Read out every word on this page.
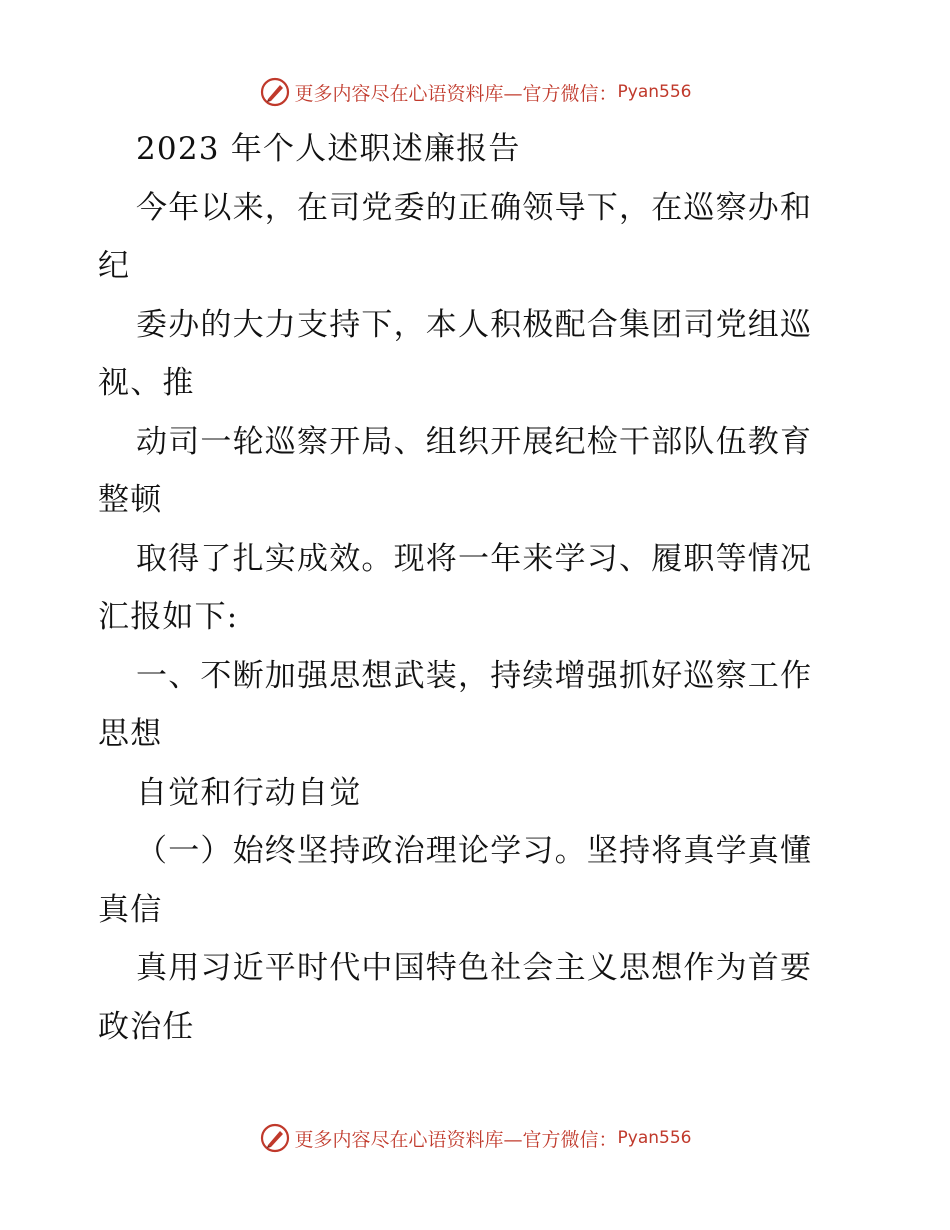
更多内容尽在心语资料库—官方微信： Pyan556
2023 年个人述职述廉报告
今年以来，在司党委的正确领导下，在巡察办和
纪
委办的大力支持下，本人积极配合集团司党组巡
视、推
动司一轮巡察开局、组织开展纪检干部队伍教育
整顿
取得了扎实成效。现将一年来学习、履职等情况
汇报如下:
一、不断加强思想武装，持续增强抓好巡察工作
思想
自觉和行动自觉
（一）始终坚持政治理论学习。坚持将真学真懂
真信
真用习近平时代中国特色社会主义思想作为首要
政治任
更多内容尽在心语资料库—官方微信： Pyan556
